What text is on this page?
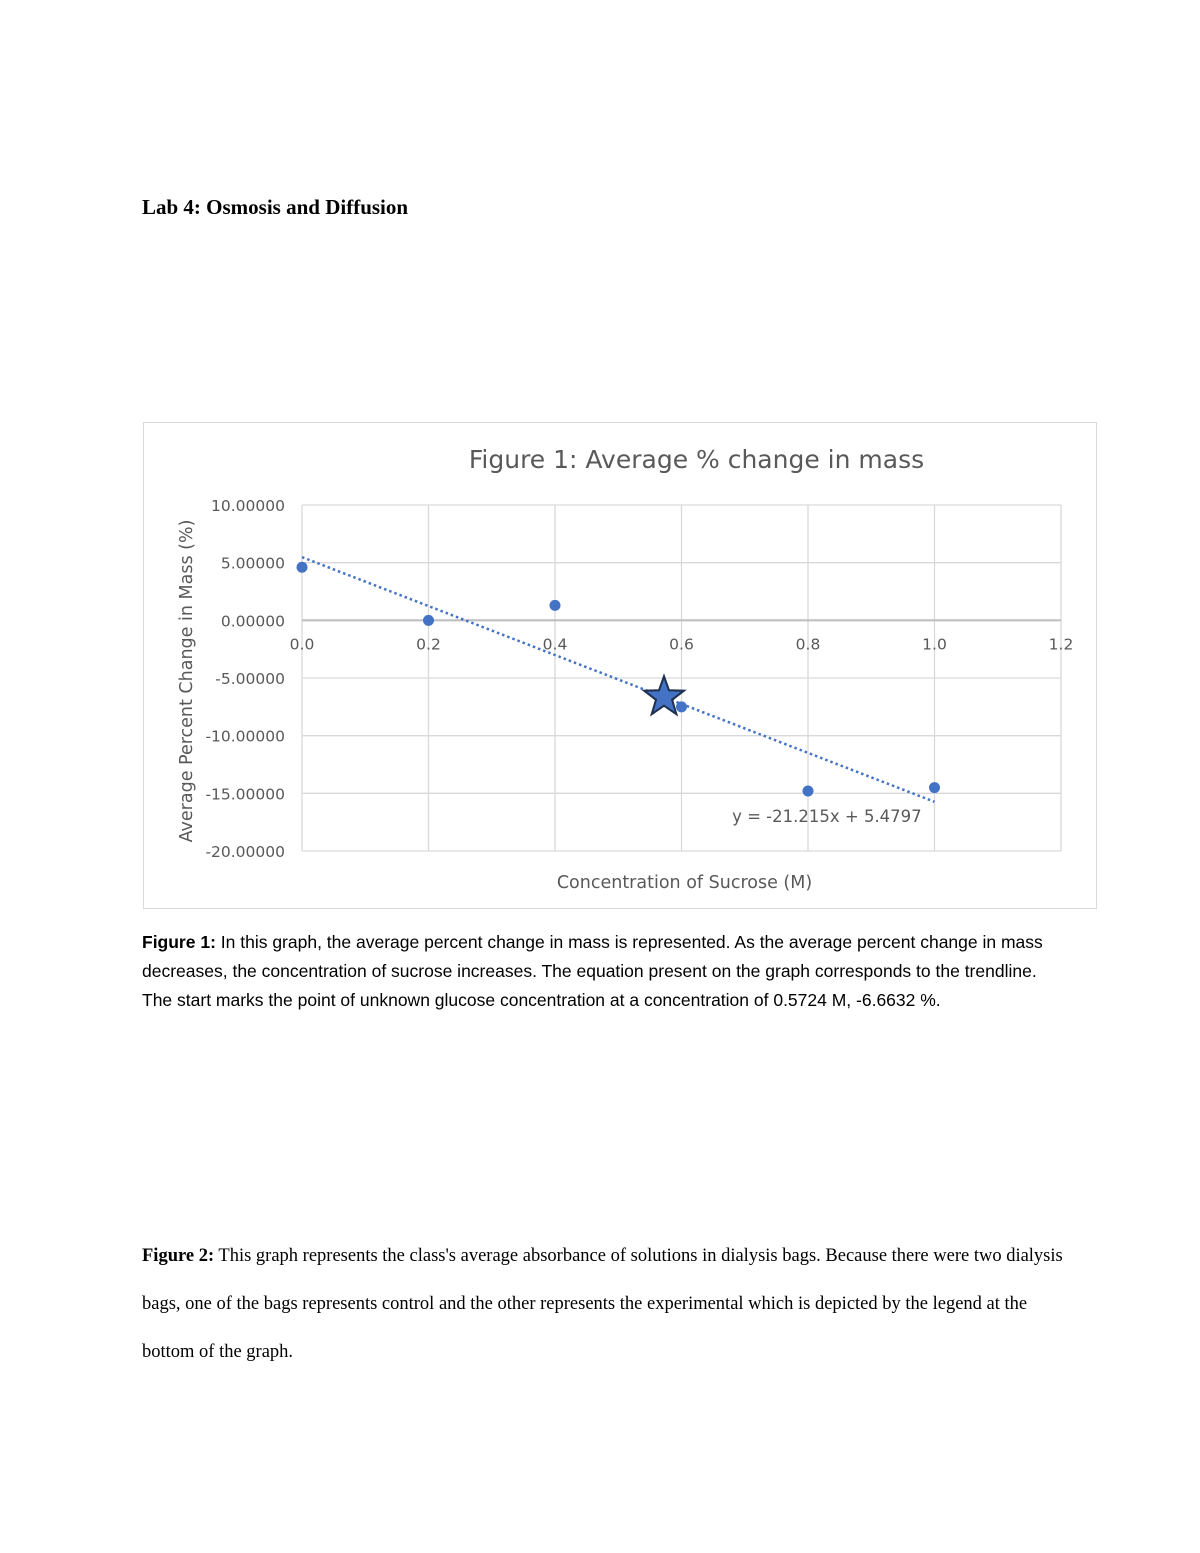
Lab 4: Osmosis and Diffusion
Figure 1: Average % change in mass
10.00000
5.00000
0.00000
-5.00000
-10.00000
-15.00000
-20.00000
0.0	0.2	0.4	0.6	0.8	1.0	1.2
Concentration of Sucrose (M)
Average Percent Change in Mass (%)	y = -21.215x + 5.4797
Figure 1: In this graph, the average percent change in mass is represented. As the average percent change in mass decreases, the concentration of sucrose increases. The equation present on the graph corresponds to the trendline. The start marks the point of unknown glucose concentration at a concentration of 0.5724 M, -6.6632 %.
Figure 2: This graph represents the class's average absorbance of solutions in dialysis bags. Because there were two dialysis bags, one of the bags represents control and the other represents the experimental which is depicted by the legend at the bottom of the graph.
